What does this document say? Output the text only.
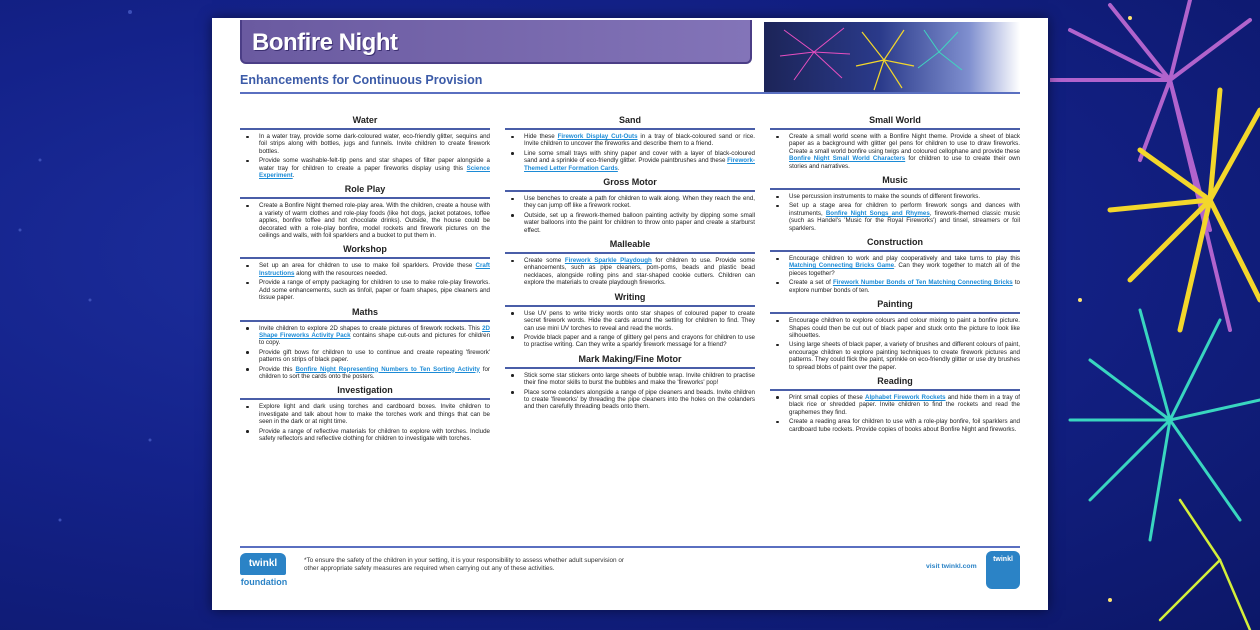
Bonfire Night
Enhancements for Continuous Provision
Water
In a water tray, provide some dark-coloured water, eco-friendly glitter, sequins and foil strips along with bottles, jugs and funnels. Invite children to create firework bottles.
Provide some washable-felt-tip pens and star shapes of filter paper alongside a water tray for children to create a paper fireworks display using this Science Experiment.
Role Play
Create a Bonfire Night themed role-play area. With the children, create a house with a variety of warm clothes and role-play foods (like hot dogs, jacket potatoes, toffee apples, bonfire toffee and hot chocolate drinks). Outside, the house could be decorated with a role-play bonfire, model rockets and firework pictures on the ceilings and walls, with foil sparklers and a bucket to put them in.
Workshop
Set up an area for children to use to make foil sparklers. Provide these Craft Instructions along with the resources needed.
Provide a range of empty packaging for children to use to make role-play fireworks. Add some enhancements, such as tinfoil, paper or foam shapes, pipe cleaners and tissue paper.
Maths
Invite children to explore 2D shapes to create pictures of firework rockets. This 2D Shape Fireworks Activity Pack contains shape cut-outs and pictures for children to copy.
Provide gift bows for children to use to continue and create repeating 'firework' patterns on strips of black paper.
Provide this Bonfire Night Representing Numbers to Ten Sorting Activity for children to sort the cards onto the posters.
Investigation
Explore light and dark using torches and cardboard boxes. Invite children to investigate and talk about how to make the torches work and things that can be seen in the dark or at night time.
Provide a range of reflective materials for children to explore with torches. Include safety reflectors and reflective clothing for children to investigate with torches.
Sand
Hide these Firework Display Cut-Outs in a tray of black-coloured sand or rice. Invite children to uncover the fireworks and describe them to a friend.
Line some small trays with shiny paper and cover with a layer of black-coloured sand and a sprinkle of eco-friendly glitter. Provide paintbrushes and these Firework-Themed Letter Formation Cards.
Gross Motor
Use benches to create a path for children to walk along. When they reach the end, they can jump off like a firework rocket.
Outside, set up a firework-themed balloon painting activity by dipping some small water balloons into the paint for children to throw onto paper and create a starburst effect.
Malleable
Create some Firework Sparkle Playdough for children to use. Provide some enhancements, such as pipe cleaners, pom-poms, beads and plastic bead necklaces, alongside rolling pins and star-shaped cookie cutters. Children can explore the materials to create playdough fireworks.
Writing
Use UV pens to write tricky words onto star shapes of coloured paper to create secret firework words. Hide the cards around the setting for children to find. They can use mini UV torches to reveal and read the words.
Provide black paper and a range of glittery gel pens and crayons for children to use to practise writing. Can they write a sparkly firework message for a friend?
Mark Making/Fine Motor
Stick some star stickers onto large sheets of bubble wrap. Invite children to practise their fine motor skills to burst the bubbles and make the 'fireworks' pop!
Place some colanders alongside a range of pipe cleaners and beads. Invite children to create 'fireworks' by threading the pipe cleaners into the holes on the colanders and then carefully threading beads onto them.
Small World
Create a small world scene with a Bonfire Night theme. Provide a sheet of black paper as a background with glitter gel pens for children to use to draw fireworks. Create a small world bonfire using twigs and coloured cellophane and provide these Bonfire Night Small World Characters for children to use to create their own stories and narratives.
Music
Use percussion instruments to make the sounds of different fireworks.
Set up a stage area for children to perform firework songs and dances with instruments, Bonfire Night Songs and Rhymes, firework-themed classic music (such as Handel's 'Music for the Royal Fireworks') and tinsel, streamers or foil sparklers.
Construction
Encourage children to work and play cooperatively and take turns to play this Matching Connecting Bricks Game. Can they work together to match all of the pieces together?
Create a set of Firework Number Bonds of Ten Matching Connecting Bricks to explore number bonds of ten.
Painting
Encourage children to explore colours and colour mixing to paint a bonfire picture. Shapes could then be cut out of black paper and stuck onto the picture to look like silhouettes.
Using large sheets of black paper, a variety of brushes and different colours of paint, encourage children to explore painting techniques to create firework pictures and patterns. They could flick the paint, sprinkle on eco-friendly glitter or use dry brushes to spread blobs of paint over the paper.
Reading
Print small copies of these Alphabet Firework Rockets and hide them in a tray of black rice or shredded paper. Invite children to find the rockets and read the graphemes they find.
Create a reading area for children to use with a role-play bonfire, foil sparklers and cardboard tube rockets. Provide copies of books about Bonfire Night and fireworks.
twinkl
foundation
*To ensure the safety of the children in your setting, it is your responsibility to assess whether adult supervision or other appropriate safety measures are required when carrying out any of these activities.	visit twinkl.com
twinkl
